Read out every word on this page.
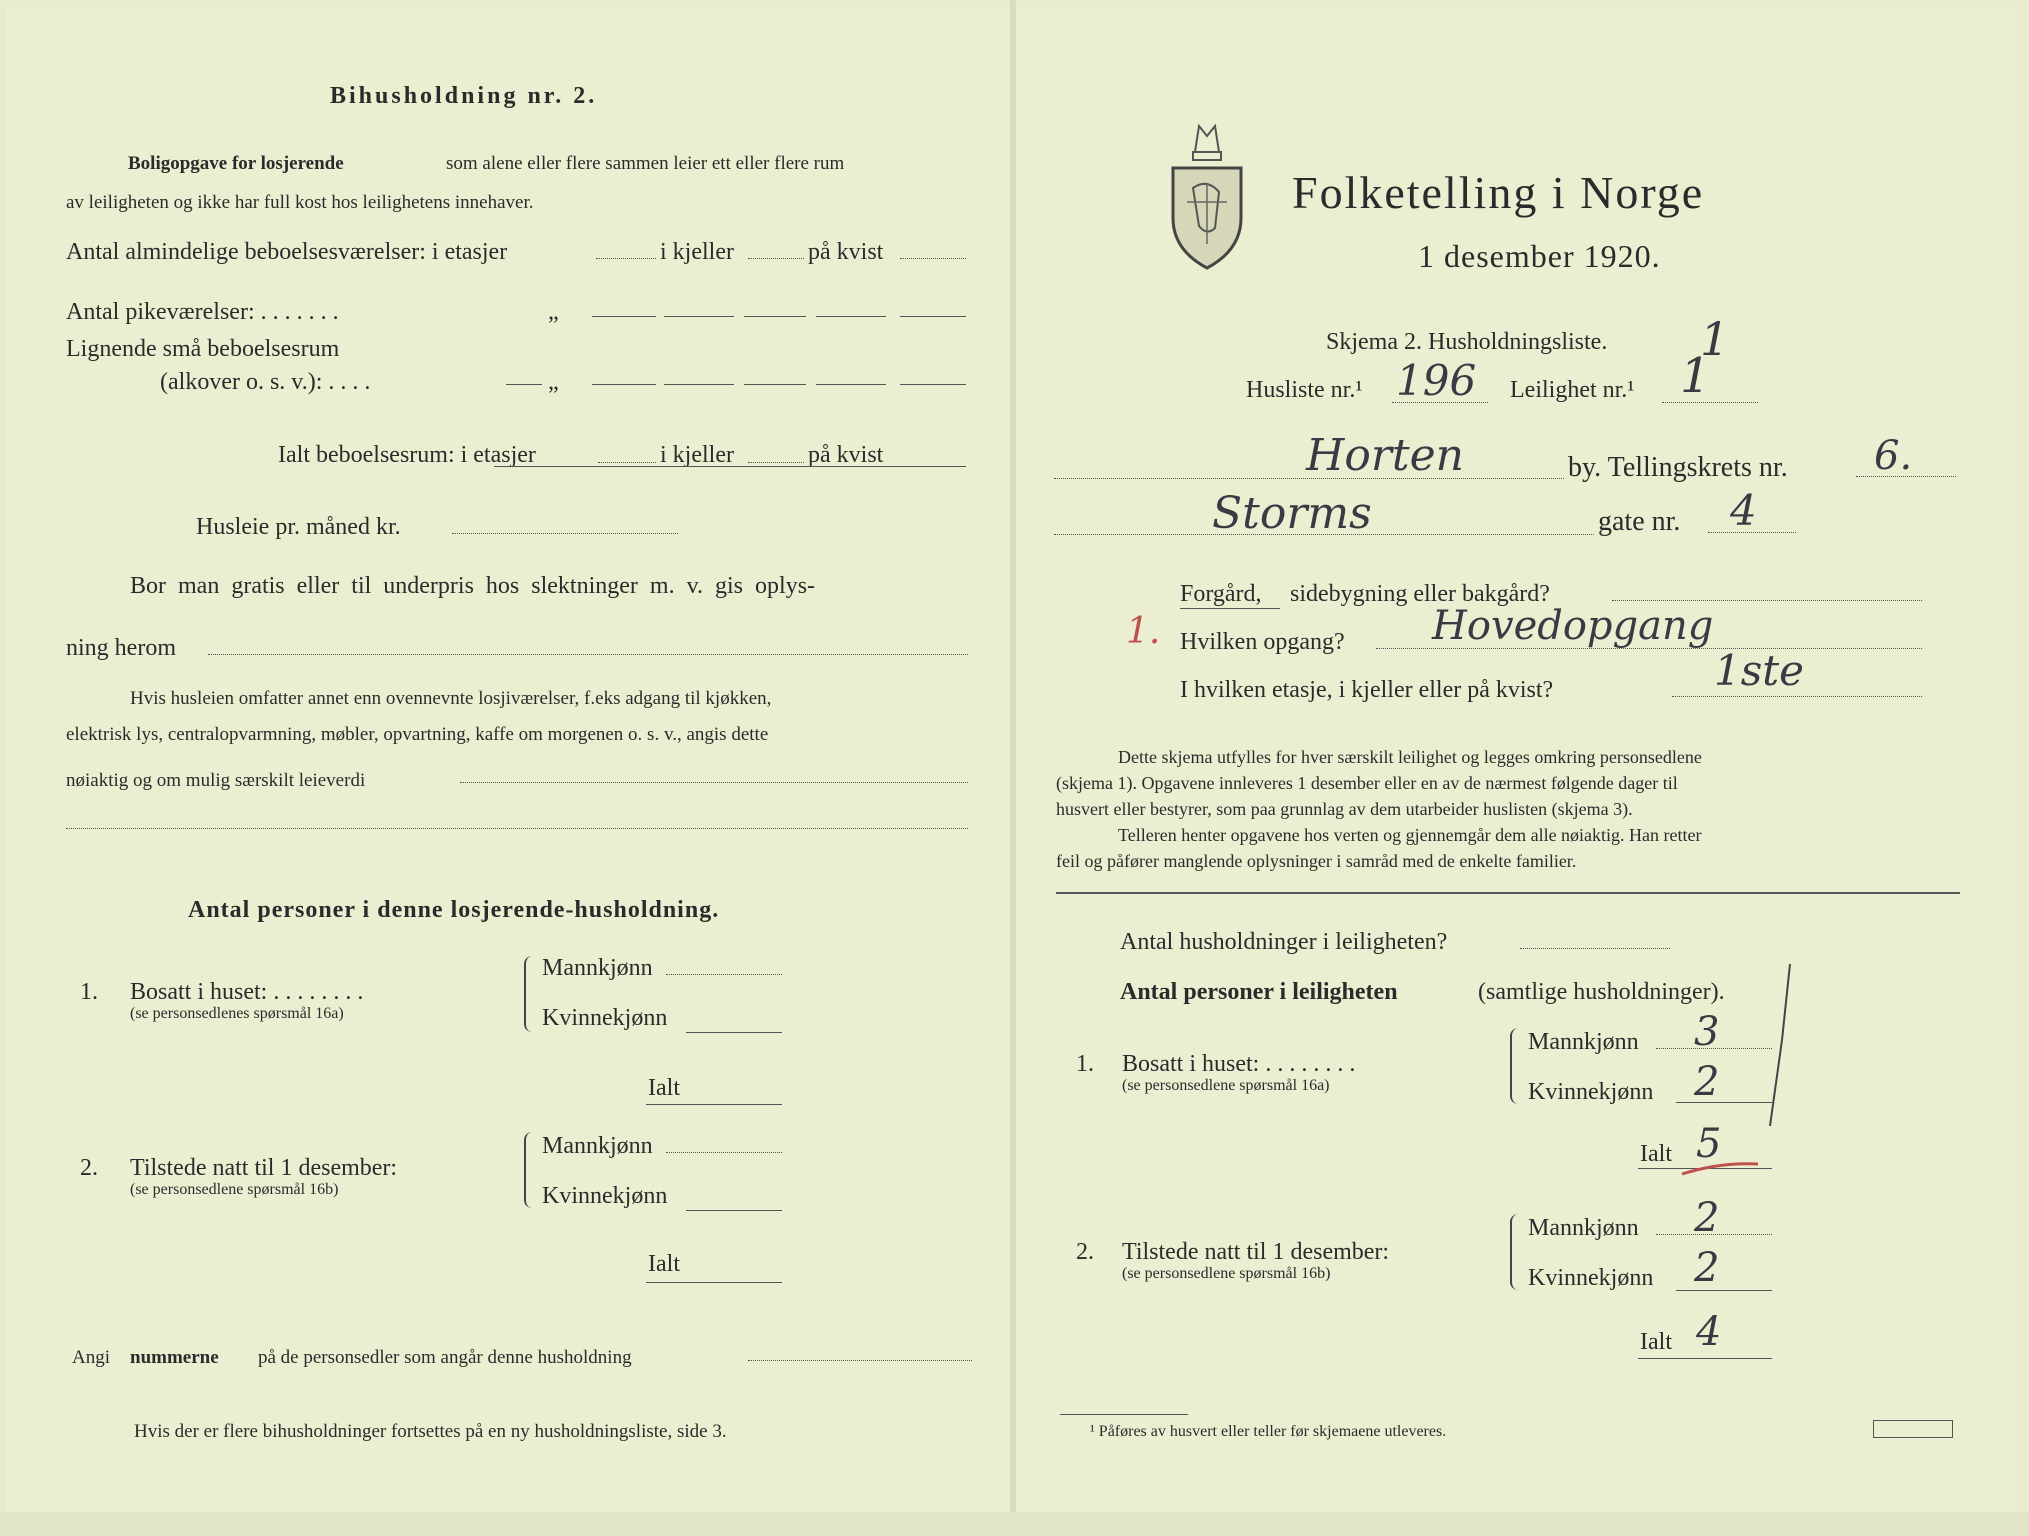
Bihusholdning nr. 2.
Boligopgave for losjerende	som alene eller flere sammen leier ett eller flere rum
av leiligheten og ikke har full kost hos leilighetens innehaver.
Antal almindelige beboelsesværelser: i etasjer	i kjeller	på kvist
Antal pikeværelser: . . . . . . .	„
Lignende små beboelsesrum
(alkover o. s. v.): . . . .	„
Ialt beboelsesrum: i etasjer	i kjeller	på kvist
Husleie pr. måned kr.
Bor man gratis eller til underpris hos slektninger m. v. gis oplys-
ning herom
Hvis husleien omfatter annet enn ovennevnte losjiværelser, f.eks adgang til kjøkken,
elektrisk lys, centralopvarmning, møbler, opvartning, kaffe om morgenen o. s. v., angis dette
nøiaktig og om mulig særskilt leieverdi
Antal personer i denne losjerende-husholdning.
1. Bosatt i huset: . . . . . . . .
(se personsedlenes spørsmål 16a)
Mannkjønn
Kvinnekjønn
Ialt
2. Tilstede natt til 1 desember:
(se personsedlene spørsmål 16b)
Mannkjønn
Kvinnekjønn
Ialt
Angi nummerne på de personsedler som angår denne husholdning
Hvis der er flere bihusholdninger fortsettes på en ny husholdningsliste, side 3.
Folketelling i Norge
1 desember 1920.
Skjema 2. Husholdningsliste. 1
Husliste nr.¹ 196 Leilighet nr.¹ 1
Horten	by. Tellingskrets nr. 6.
Storms	gate nr. 4
Forgård, sidebygning eller bakgård?
1. Hvilken opgang? Hovedopgang
I hvilken etasje, i kjeller eller på kvist?	1ste
Dette skjema utfylles for hver særskilt leilighet og legges omkring personsedlene
(skjema 1). Opgavene innleveres 1 desember eller en av de nærmest følgende dager til
husvert eller bestyrer, som paa grunnlag av dem utarbeider huslisten (skjema 3).
Telleren henter opgavene hos verten og gjennemgår dem alle nøiaktig. Han retter
feil og påfører manglende oplysninger i samråd med de enkelte familier.
Antal husholdninger i leiligheten?
Antal personer i leiligheten	(samtlige husholdninger).
1. Bosatt i huset: . . . . . . . .
(se personsedlene spørsmål 16a)
Mannkjønn 3
Kvinnekjønn 2
Ialt 5
2. Tilstede natt til 1 desember:
(se personsedlene spørsmål 16b)
Mannkjønn 2
Kvinnekjønn 2
Ialt 4
¹ Påføres av husvert eller teller før skjemaene utleveres.
